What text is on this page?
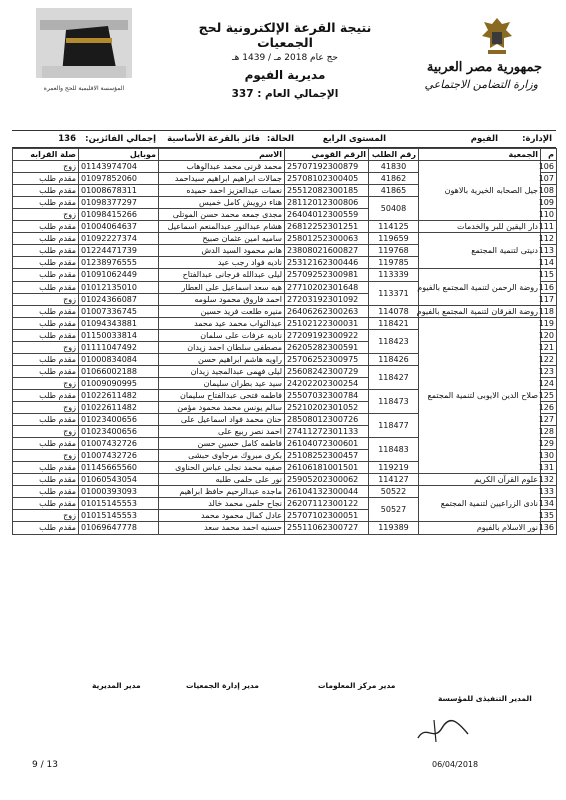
المؤسسة الاقليمية للحج والعمرة
جمهورية مصر العربية
وزارة التضامن الاجتماعي
نتيجة القرعة الإلكترونية لحج الجمعيات
حج عام 2018 مـ / 1439 هـ
مديرية الفيوم
الإجمالي العام : 337
الإدارة:
الفيوم
المستوى الرابع
الحالة:
فائز بالقرعة الأساسية
إجمالي الفائزين:
136
م	الجمعية	رقم الطلب	الرقم القومي	الاسم	موبايل	صلة القرابه
106	جيل الصحابه الخيرية بالاهون	41830	25707192300879	محمد قرنى محمد عبدالوهاب	01143974704	زوج
107		41862	25708102300405	جمالات ابراهيم ابراهيم سيداحمد	01097852060	مقدم طلب
108		41865	25512082300185	نعمات عبدالعزيز احمد حميده	01008678311	مقدم طلب
109		50408	28112012300806	هناء درويش كامل خميس	01098377297	مقدم طلب
110			26404012300559	مجدى جمعه محمد حسن الموتلى	01098415266	زوج
111	دار اليقين للبر والخدمات	114125	26812252301251	هشام عبدالنور عبدالمنعم اسماعيل	01004064637	مقدم طلب
112	دنيتى لتنمية المجتمع	119659	25801252300063	ساميه امين عثمان صبيح	01092227374	مقدم طلب
113		119768	23808021600827	هانم محمود السيد الدش	01224471739	مقدم طلب
114		119785	25312162300446	ناديه فواد رجب عيد	01238976555	مقدم طلب
115	روضة الرحمن لتنمية المجتمع بالفيوم	113339	25709252300981	ليلى عبدالله فرجانى عبدالفتاح	01091062449	مقدم طلب
116		113371	27710202301648	هبه سعد اسماعيل على العطار	01012135010	مقدم طلب
117			27203192301092	احمد فاروق محمود سلومه	01024366087	زوج
118	روضة الفرقان لتنمية المجتمع بالفيوم	114078	26406262300263	منيره طلعت فريد حسين	01007336745	مقدم طلب
119	صلاح الدين الايوبى لتنمية المجتمع	118421	25102122300031	عبدالتواب محمد عيد محمد	01094343881	مقدم طلب
120		118423	27209192300922	ناديه عرفات على سلمان	01150033814	مقدم طلب
121			26205282300591	مصطفى سلطان احمد زيدان	01111047492	زوج
122		118426	25706252300975	راويه هاشم ابراهيم حسن	01000834084	مقدم طلب
123		118427	25608242300729	ليلى فهمى عبدالمجيد زيدان	01066002188	مقدم طلب
124			24202202300254	سيد عيد بطران سليمان	01009090995	زوج
125		118473	25507032300784	فاطمه فتحى عبدالفتاح سليمان	01022611482	مقدم طلب
126			25210202301052	سالم يونس محمد محمود مؤمن	01022611482	زوج
127		118477	28508012300726	حنان محمد فواد اسماعيل على	01023400656	مقدم طلب
128			27411272301133	احمد نصر ربيع على	01023400656	زوج
129		118483	26104072300601	فاطمه كامل حسين حسن	01007432726	مقدم طلب
130			25108252300457	بكرى مبروك مرجاوى حبشى	01007432726	زوج
131		119219	26106181001501	صفيه محمد نجلى عباس الحناوى	01145665560	مقدم طلب
132	علوم القرآن الكريم	114127	25905202300062	نور على حلمى طلبه	01060543054	مقدم طلب
133	نادى الزراعيين لتنمية المجتمع	50522	26104132300044	ماجده عبدالرحيم حافظ ابراهيم	01000393093	مقدم طلب
134		50527	26207112300122	نجاح حلمى محمد خالد	01015145553	مقدم طلب
135			25707102300051	عادل كمال محمود محمد	01015145553	زوج
136	نور الاسلام بالفيوم	119389	25511062300727	حسنيه احمد محمد سعد	01069647778	مقدم طلب
مدير المديرية	مدير إدارة الجمعيات	مدير مركز المعلومات
المدير التنفيذى للمؤسسة
06/04/2018
9 / 13
